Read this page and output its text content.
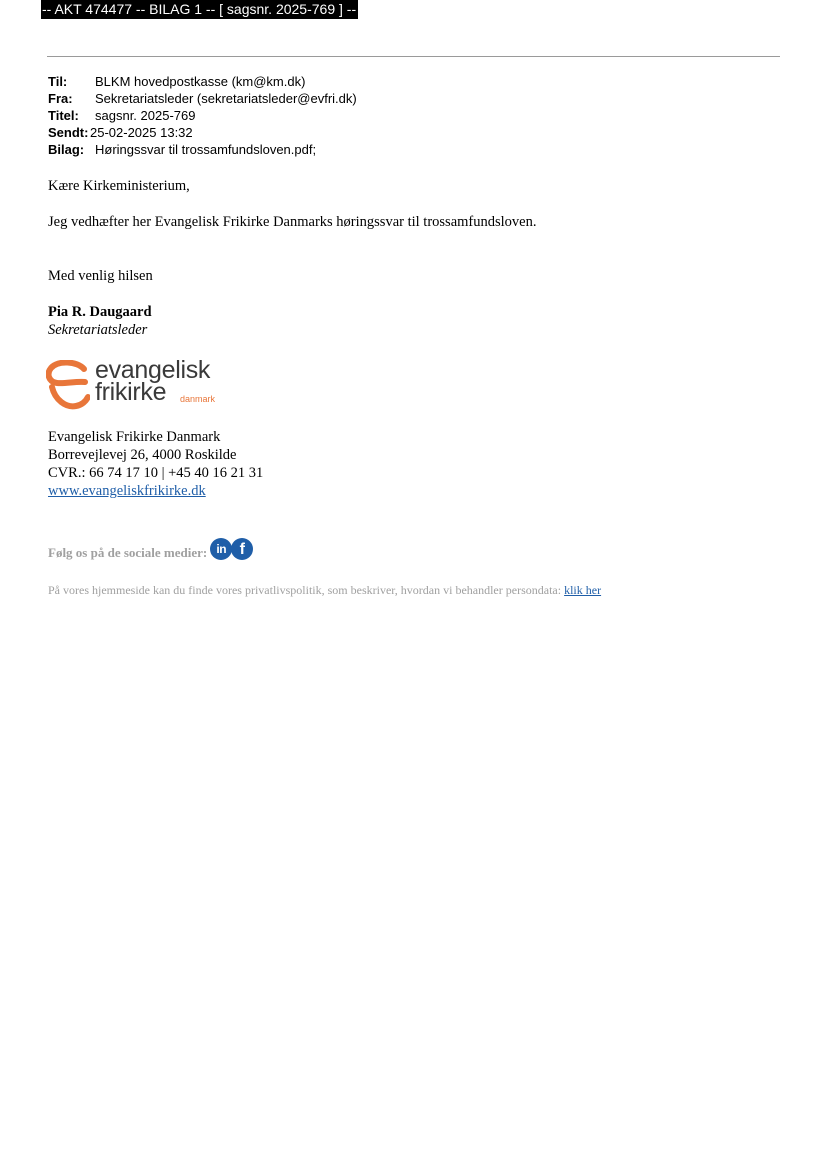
-- AKT 474477 -- BILAG 1 -- [ sagsnr. 2025-769 ] --
Til:	BLKM hovedpostkasse (km@km.dk)
Fra:	Sekretariatsleder (sekretariatsleder@evfri.dk)
Titel:	sagsnr. 2025-769
Sendt: 25-02-2025 13:32
Bilag: Høringssvar til trossamfundsloven.pdf;
Kære Kirkeministerium,
Jeg vedhæfter her Evangelisk Frikirke Danmarks høringssvar til trossamfundsloven.
Med venlig hilsen
Pia R. Daugaard
Sekretariatsleder
evangelisk
frikirke danmark
Evangelisk Frikirke Danmark
Borrevejlevej 26, 4000 Roskilde
CVR.: 66 74 17 10 | +45 40 16 21 31
www.evangeliskfrikirke.dk
Følg os på de sociale medier: in f
På vores hjemmeside kan du finde vores privatlivspolitik, som beskriver, hvordan vi behandler persondata: klik her
